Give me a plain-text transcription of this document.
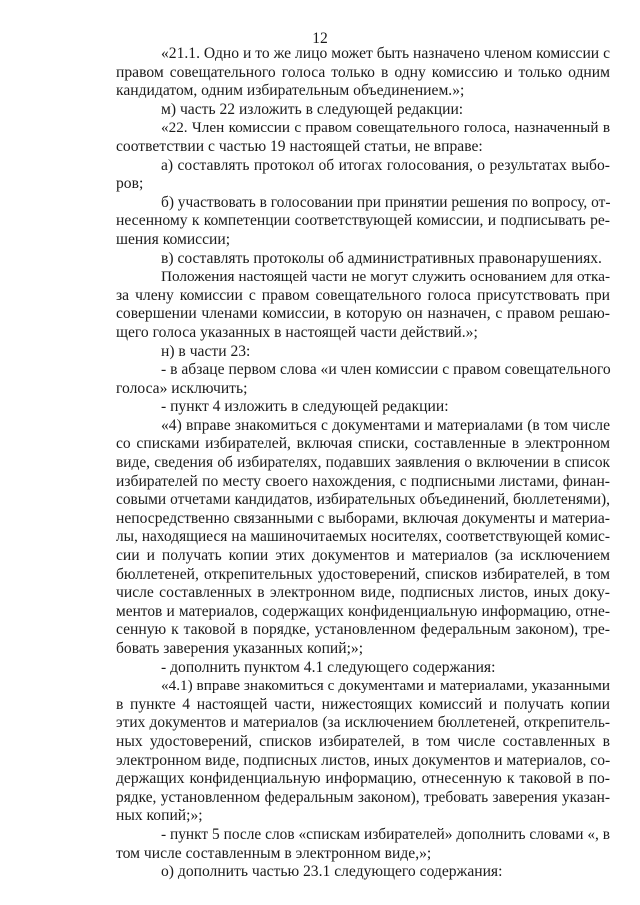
12
«21.1. Одно и то же лицо может быть назначено членом комиссии с
правом совещательного голоса только в одну комиссию и только одним
кандидатом, одним избирательным объединением.»;
м) часть 22 изложить в следующей редакции:
«22. Член комиссии с правом совещательного голоса, назначенный в
соответствии с частью 19 настоящей статьи, не вправе:
а) составлять протокол об итогах голосования, о результатах выбо-
ров;
б) участвовать в голосовании при принятии решения по вопросу, от-
несенному к компетенции соответствующей комиссии, и подписывать ре-
шения комиссии;
в) составлять протоколы об административных правонарушениях.
Положения настоящей части не могут служить основанием для отка-
за члену комиссии с правом совещательного голоса присутствовать при
совершении членами комиссии, в которую он назначен, с правом решаю-
щего голоса указанных в настоящей части действий.»;
н) в части 23:
- в абзаце первом слова «и член комиссии с правом совещательного
голоса» исключить;
- пункт 4 изложить в следующей редакции:
«4) вправе знакомиться с документами и материалами (в том числе
со списками избирателей, включая списки, составленные в электронном
виде, сведения об избирателях, подавших заявления о включении в список
избирателей по месту своего нахождения, с подписными листами, финан-
совыми отчетами кандидатов, избирательных объединений, бюллетенями),
непосредственно связанными с выборами, включая документы и материа-
лы, находящиеся на машиночитаемых носителях, соответствующей комис-
сии и получать копии этих документов и материалов (за исключением
бюллетеней, открепительных удостоверений, списков избирателей, в том
числе составленных в электронном виде, подписных листов, иных доку-
ментов и материалов, содержащих конфиденциальную информацию, отне-
сенную к таковой в порядке, установленном федеральным законом), тре-
бовать заверения указанных копий;»;
- дополнить пунктом 4.1 следующего содержания:
«4.1) вправе знакомиться с документами и материалами, указанными
в пункте 4 настоящей части, нижестоящих комиссий и получать копии
этих документов и материалов (за исключением бюллетеней, открепитель-
ных удостоверений, списков избирателей, в том числе составленных в
электронном виде, подписных листов, иных документов и материалов, со-
держащих конфиденциальную информацию, отнесенную к таковой в по-
рядке, установленном федеральным законом), требовать заверения указан-
ных копий;»;
- пункт 5 после слов «спискам избирателей» дополнить словами «, в
том числе составленным в электронном виде,»;
о) дополнить частью 23.1 следующего содержания:
